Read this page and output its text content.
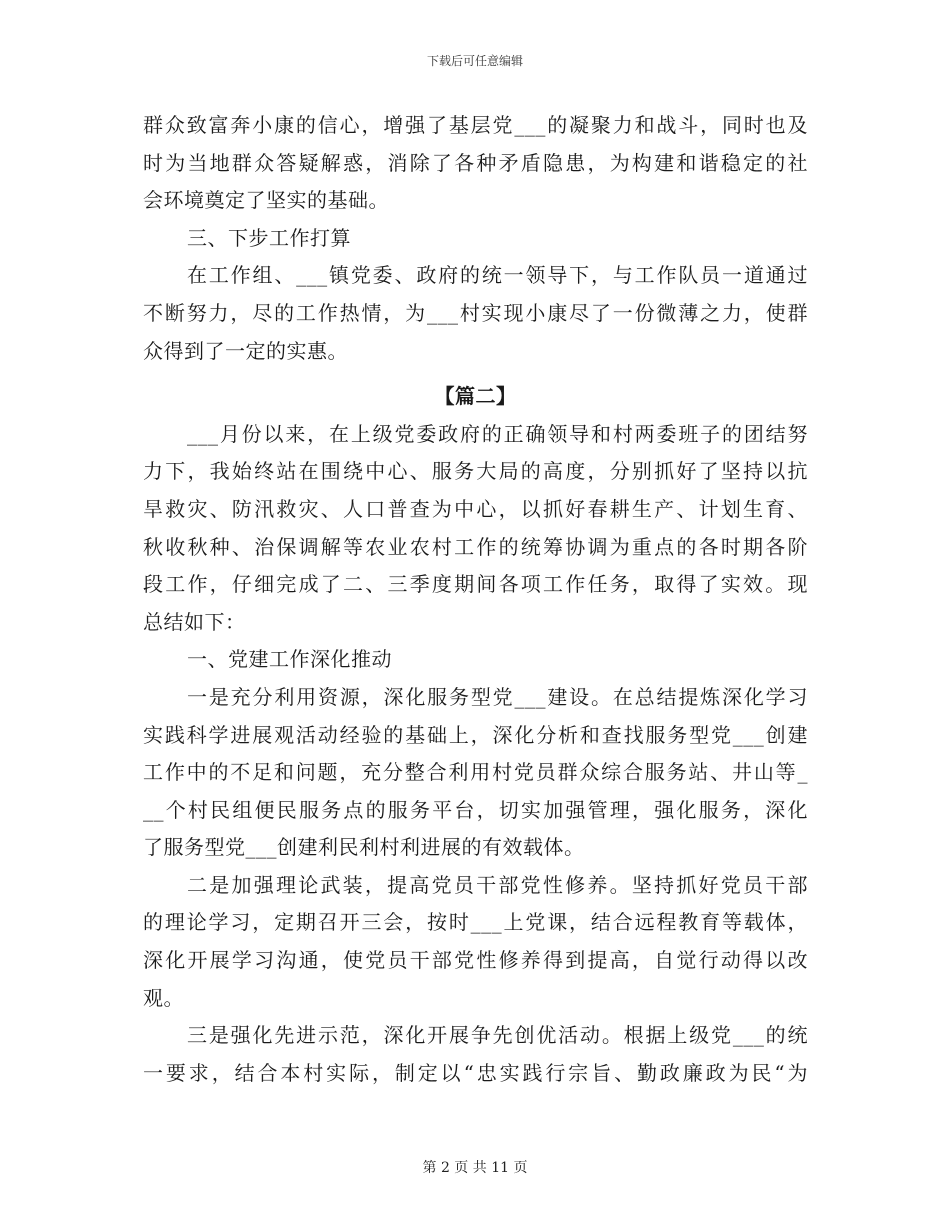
下载后可任意编辑
群众致富奔小康的信心，增强了基层党___的凝聚力和战斗，同时也及
时为当地群众答疑解惑，消除了各种矛盾隐患，为构建和谐稳定的社
会环境奠定了坚实的基础。
三、下步工作打算
在工作组、___镇党委、政府的统一领导下，与工作队员一道通过
不断努力，尽的工作热情，为___村实现小康尽了一份微薄之力，使群
众得到了一定的实惠。
【篇二】
___月份以来，在上级党委政府的正确领导和村两委班子的团结努
力下，我始终站在围绕中心、服务大局的高度，分别抓好了坚持以抗
旱救灾、防汛救灾、人口普查为中心，以抓好春耕生产、计划生育、
秋收秋种、治保调解等农业农村工作的统筹协调为重点的各时期各阶
段工作，仔细完成了二、三季度期间各项工作任务，取得了实效。现
总结如下：
一、党建工作深化推动
一是充分利用资源，深化服务型党___建设。在总结提炼深化学习
实践科学进展观活动经验的基础上，深化分析和查找服务型党___创建
工作中的不足和问题，充分整合利用村党员群众综合服务站、井山等_
__个村民组便民服务点的服务平台，切实加强管理，强化服务，深化
了服务型党___创建利民利村利进展的有效载体。
二是加强理论武装，提高党员干部党性修养。坚持抓好党员干部
的理论学习，定期召开三会，按时___上党课，结合远程教育等载体，
深化开展学习沟通，使党员干部党性修养得到提高，自觉行动得以改
观。
三是强化先进示范，深化开展争先创优活动。根据上级党___的统
一要求，结合本村实际，制定以“忠实践行宗旨、勤政廉政为民“为
第 2 页 共 11 页
